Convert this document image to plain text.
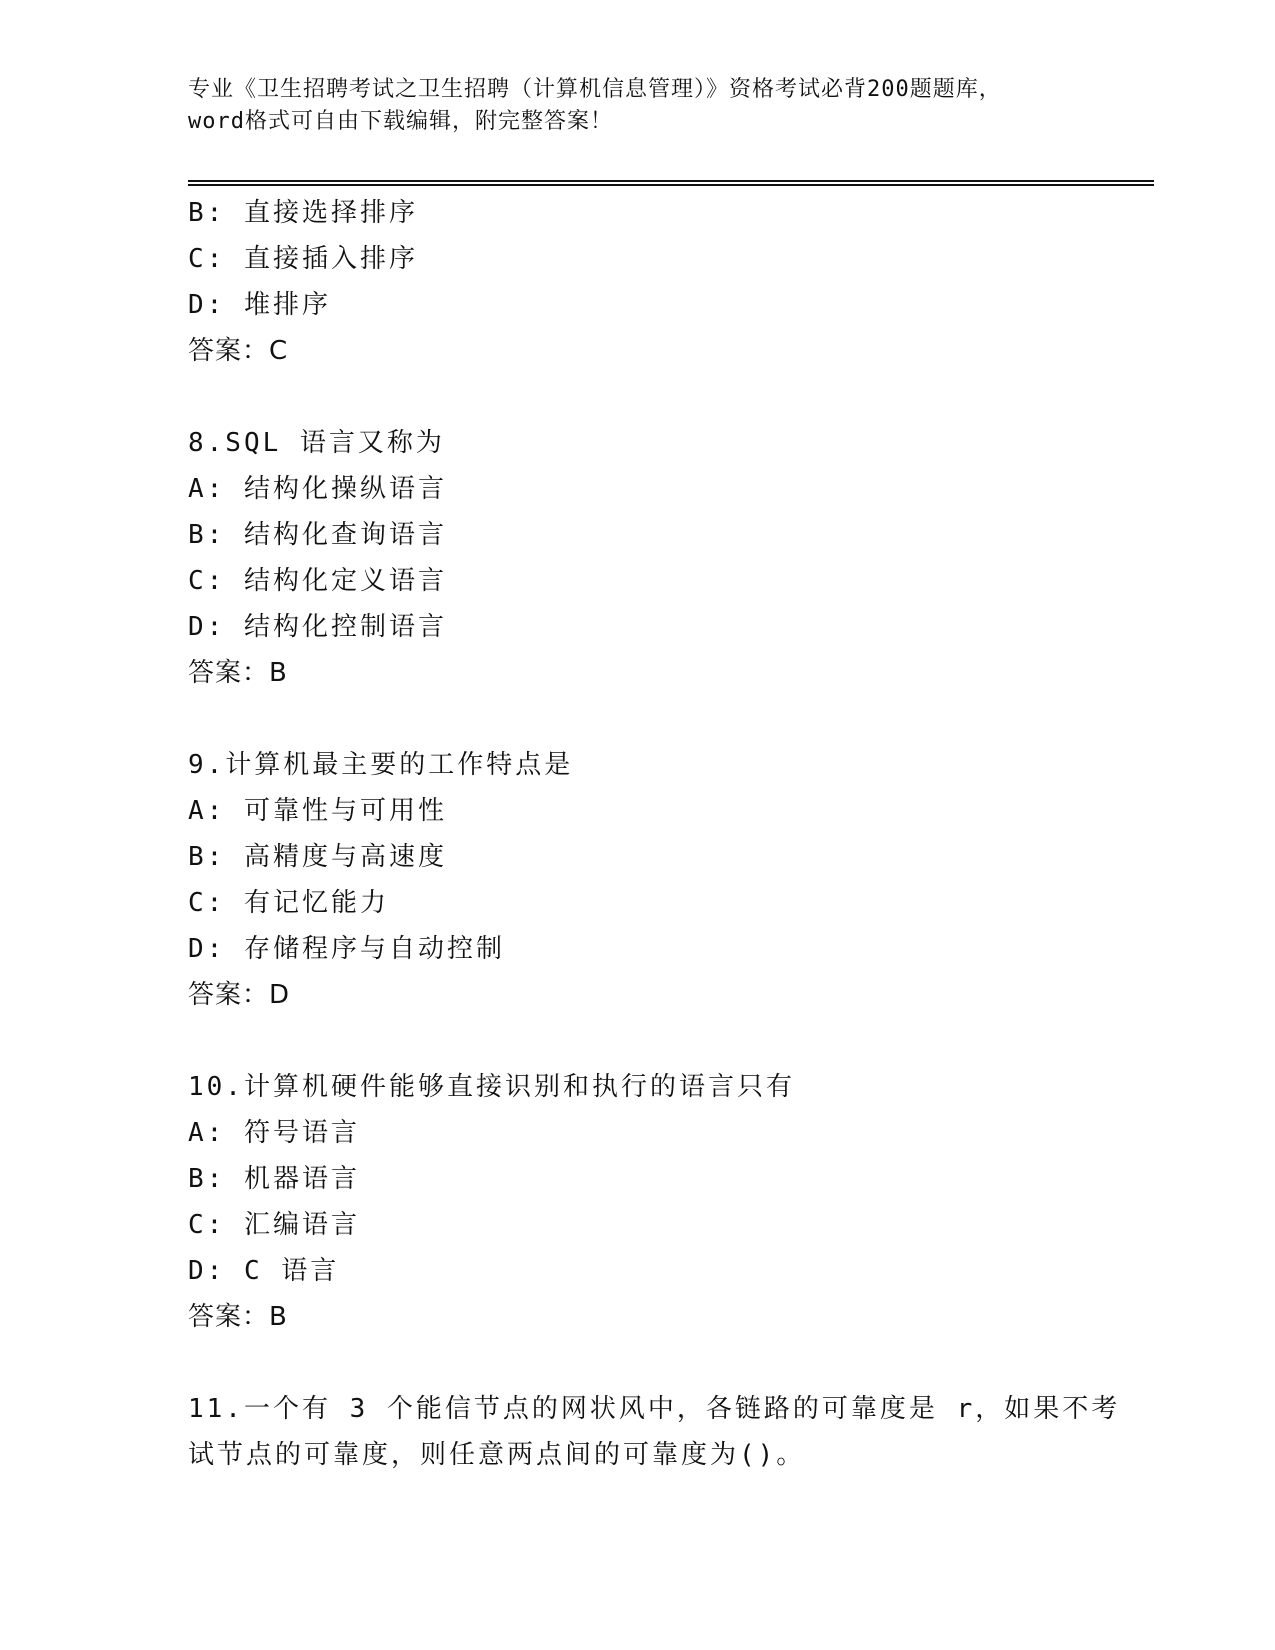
专业《卫生招聘考试之卫生招聘（计算机信息管理）》资格考试必背200题题库，
word格式可自由下载编辑，附完整答案！
B: 直接选择排序
C: 直接插入排序
D: 堆排序
答案：C
8.SQL 语言又称为
A: 结构化操纵语言
B: 结构化查询语言
C: 结构化定义语言
D: 结构化控制语言
答案：B
9.计算机最主要的工作特点是
A: 可靠性与可用性
B: 高精度与高速度
C: 有记忆能力
D: 存储程序与自动控制
答案：D
10.计算机硬件能够直接识别和执行的语言只有
A: 符号语言
B: 机器语言
C: 汇编语言
D: C 语言
答案：B
11.一个有 3 个能信节点的网状风中，各链路的可靠度是 r，如果不考
试节点的可靠度，则任意两点间的可靠度为()。
